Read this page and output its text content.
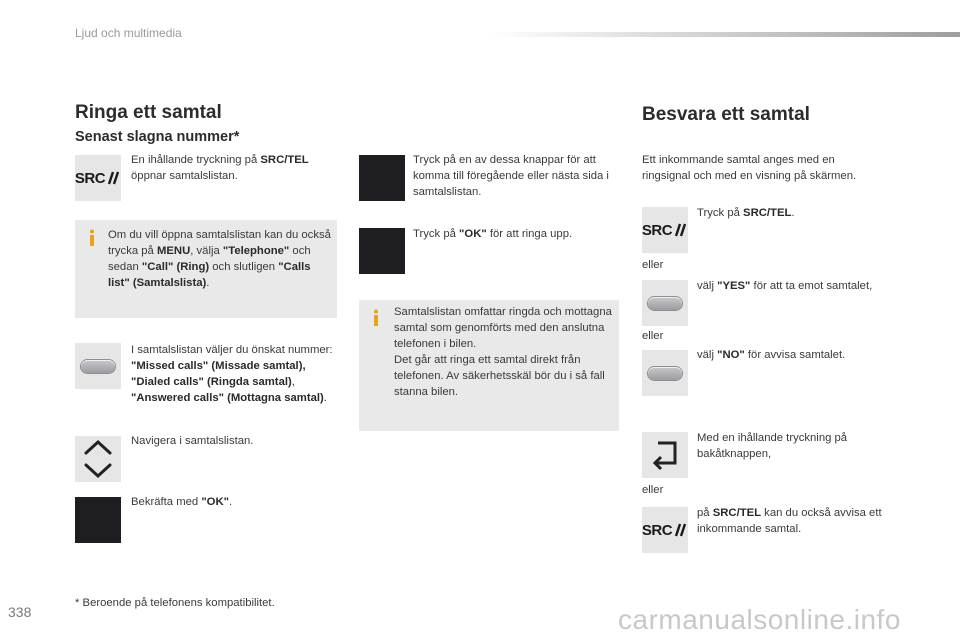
Ljud och multimedia
Ringa ett samtal
Senast slagna nummer*
SRC
En ihållande tryckning på SRC/TEL öppnar samtalslistan.
Om du vill öppna samtalslistan kan du också trycka på MENU, välja "Telephone" och sedan "Call" (Ring) och slutligen "Calls list" (Samtalslista).
I samtalslistan väljer du önskat nummer: "Missed calls" (Missade samtal), "Dialed calls" (Ringda samtal), "Answered calls" (Mottagna samtal).
Navigera i samtalslistan.
Bekräfta med "OK".
Tryck på en av dessa knappar för att komma till föregående eller nästa sida i samtalslistan.
Tryck på "OK" för att ringa upp.
Samtalslistan omfattar ringda och mottagna samtal som genomförts med den anslutna telefonen i bilen.
Det går att ringa ett samtal direkt från telefonen. Av säkerhetsskäl bör du i så fall stanna bilen.
Besvara ett samtal
Ett inkommande samtal anges med en ringsignal och med en visning på skärmen.
SRC
Tryck på SRC/TEL.
eller
välj "YES" för att ta emot samtalet,
eller
välj "NO" för avvisa samtalet.
Med en ihållande tryckning på bakåtknappen,
eller
SRC
på SRC/TEL kan du också avvisa ett inkommande samtal.
* Beroende på telefonens kompatibilitet.
338	carmanualsonline.info
